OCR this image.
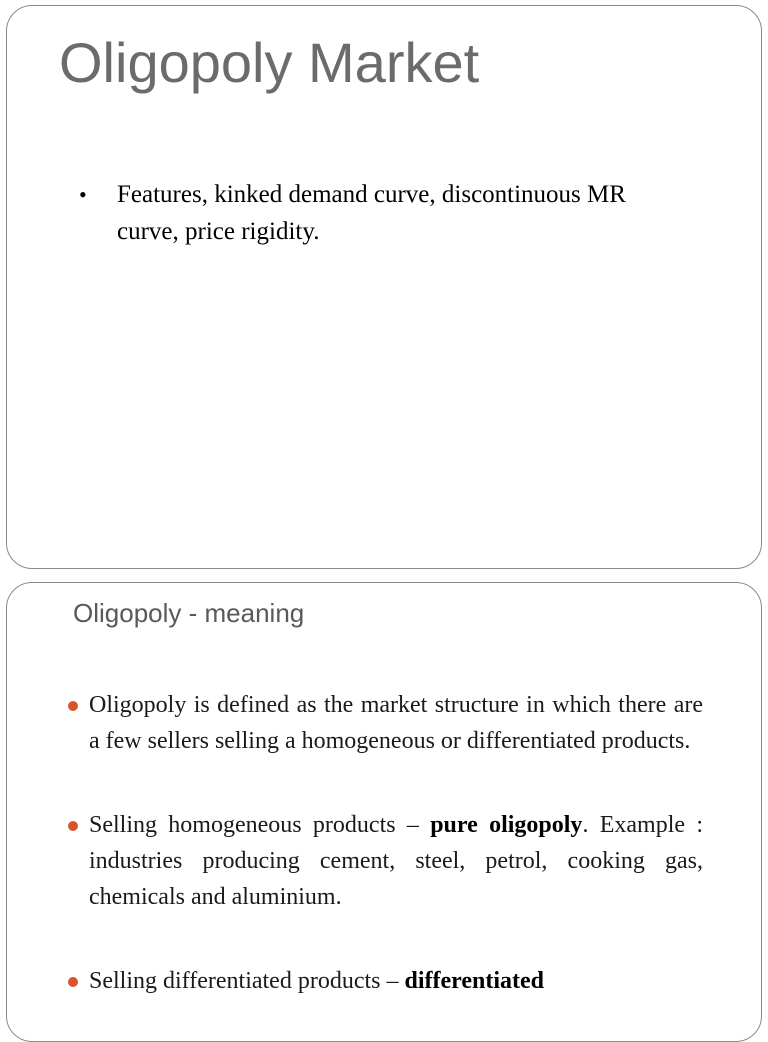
Oligopoly Market
• Features, kinked demand curve, discontinuous MR curve, price rigidity.
Oligopoly - meaning
Oligopoly is defined as the market structure in which there are a few sellers selling a homogeneous or differentiated products.
Selling homogeneous products – pure oligopoly. Example : industries producing cement, steel, petrol, cooking gas, chemicals and aluminium.
Selling differentiated products – differentiated
